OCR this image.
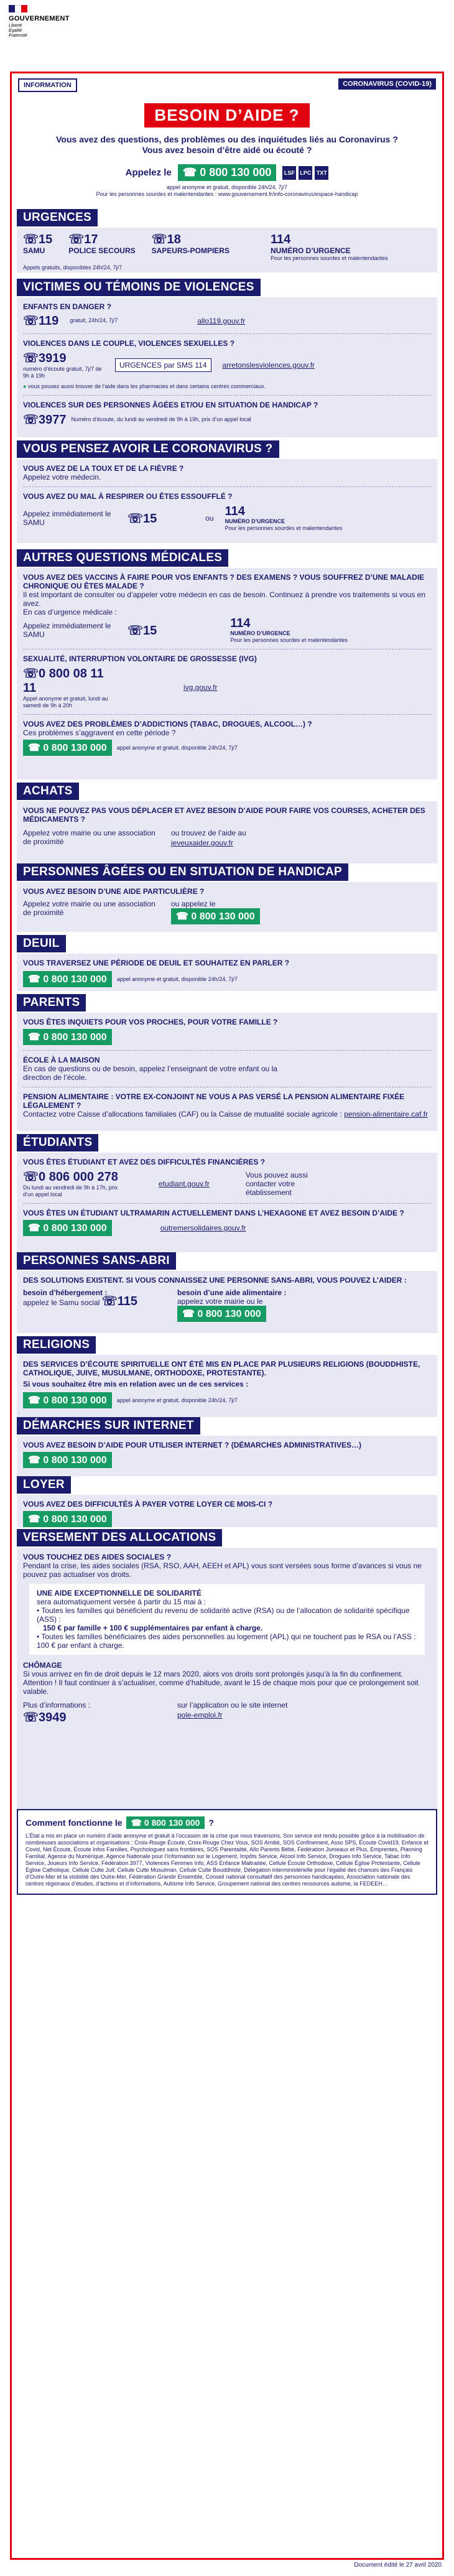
GOUVERNEMENT
Liberté
Égalité
Fraternité
INFORMATION	CORONAVIRUS (COVID-19)
BESOIN D’AIDE ?
Vous avez des questions, des problèmes ou des inquiétudes liés au Coronavirus ? Vous avez besoin d’être aidé ou écouté ?
Appelez le	☎ 0 800 130 000	LSF LPC TXT
appel anonyme et gratuit, disponible 24h/24, 7j/7
Pour les personnes sourdes et malentendantes : www.gouvernement.fr/info-coronavirus/espace-handicap
URGENCES
☏15
SAMU
☏17
POLICE SECOURS
☏18
SAPEURS-POMPIERS
114
NUMÉRO D’URGENCE
Pour les personnes sourdes et malentendantes
Appels gratuits, disponibles 24h/24, 7j/7
VICTIMES OU TÉMOINS DE VIOLENCES
ENFANTS EN DANGER ?
☏119 gratuit, 24h/24, 7j/7	allo119.gouv.fr
VIOLENCES DANS LE COUPLE, VIOLENCES SEXUELLES ?
☏3919
numéro d’écoute gratuit, 7j/7 de 9h à 19h
URGENCES par SMS 114	arretonslesviolences.gouv.fr
● vous pouvez aussi trouver de l’aide dans les pharmacies et dans certains centres commerciaux.
VIOLENCES SUR DES PERSONNES ÂGÉES ET/OU EN SITUATION DE HANDICAP ?
☏3977 Numéro d’écoute, du lundi au vendredi de 9h à 19h, prix d’un appel local
VOUS PENSEZ AVOIR LE CORONAVIRUS ?
VOUS AVEZ DE LA TOUX ET DE LA FIÈVRE ?
Appelez votre médecin.
VOUS AVEZ DU MAL À RESPIRER OU ÊTES ESSOUFFLÉ ?
Appelez immédiatement le SAMU	☏15	ou 114
NUMÉRO D’URGENCE
Pour les personnes sourdes et malentendantes
AUTRES QUESTIONS MÉDICALES
VOUS AVEZ DES VACCINS À FAIRE POUR VOS ENFANTS ? DES EXAMENS ? VOUS SOUFFREZ D’UNE MALADIE CHRONIQUE OU ÊTES MALADE ?
Il est important de consulter ou d’appeler votre médecin en cas de besoin. Continuez à prendre vos traitements si vous en avez.
En cas d’urgence médicale :
Appelez immédiatement le SAMU	☏15
114
NUMÉRO D’URGENCE
Pour les personnes sourdes et malentendantes
SEXUALITÉ, INTERRUPTION VOLONTAIRE DE GROSSESSE (IVG)
☏0 800 08 11 11
Appel anonyme et gratuit, lundi au samedi de 9h à 20h
ivg.gouv.fr
VOUS AVEZ DES PROBLÈMES D’ADDICTIONS (TABAC, DROGUES, ALCOOL…) ?
Ces problèmes s’aggravent en cette période ?
☎ 0 800 130 000	appel anonyme et gratuit, disponible 24h/24, 7j/7
ACHATS
VOUS NE POUVEZ PAS VOUS DÉPLACER ET AVEZ BESOIN D’AIDE POUR FAIRE VOS COURSES, ACHETER DES MÉDICAMENTS ?
Appelez votre mairie ou une association de proximité
ou trouvez de l’aide au
jeveuxaider.gouv.fr
PERSONNES ÂGÉES OU EN SITUATION DE HANDICAP
VOUS AVEZ BESOIN D’UNE AIDE PARTICULIÈRE ?
Appelez votre mairie ou une association de proximité
ou appelez le
☎ 0 800 130 000
DEUIL
VOUS TRAVERSEZ UNE PÉRIODE DE DEUIL ET SOUHAITEZ EN PARLER ?
☎ 0 800 130 000	appel anonyme et gratuit, disponible 24h/24, 7j/7
PARENTS
VOUS ÊTES INQUIETS POUR VOS PROCHES, POUR VOTRE FAMILLE ?
☎ 0 800 130 000
ÉCOLE À LA MAISON
En cas de questions ou de besoin, appelez l’enseignant de votre enfant ou la direction de l’école.
PENSION ALIMENTAIRE : VOTRE EX-CONJOINT NE VOUS A PAS VERSÉ LA PENSION ALIMENTAIRE FIXÉE LÉGALEMENT ?
Contactez votre Caisse d’allocations familiales (CAF) ou la Caisse de mutualité sociale agricole : pension-alimentaire.caf.fr
ÉTUDIANTS
VOUS ÊTES ÉTUDIANT ET AVEZ DES DIFFICULTÉS FINANCIÈRES ?
☏0 806 000 278
Du lundi au vendredi de 9h à 17h, prix d’un appel local
etudiant.gouv.fr
Vous pouvez aussi contacter votre établissement
VOUS ÊTES UN ÉTUDIANT ULTRAMARIN ACTUELLEMENT DANS L’HEXAGONE ET AVEZ BESOIN D’AIDE ?
☎ 0 800 130 000	outremersolidaires.gouv.fr
PERSONNES SANS-ABRI
DES SOLUTIONS EXISTENT. SI VOUS CONNAISSEZ UNE PERSONNE SANS-ABRI, VOUS POUVEZ L’AIDER :
besoin d’hébergement :
appelez le Samu social ☏115
besoin d’une aide alimentaire :
appelez votre mairie ou le
☎ 0 800 130 000
RELIGIONS
DES SERVICES D’ÉCOUTE SPIRITUELLE ONT ÉTÉ MIS EN PLACE PAR PLUSIEURS RELIGIONS (BOUDDHISTE, CATHOLIQUE, JUIVE, MUSULMANE, ORTHODOXE, PROTESTANTE).
Si vous souhaitez être mis en relation avec un de ces services :
☎ 0 800 130 000	appel anonyme et gratuit, disponible 24h/24, 7j/7
DÉMARCHES SUR INTERNET
VOUS AVEZ BESOIN D’AIDE POUR UTILISER INTERNET ? (DÉMARCHES ADMINISTRATIVES…)
☎ 0 800 130 000
LOYER
VOUS AVEZ DES DIFFICULTÉS À PAYER VOTRE LOYER CE MOIS-CI ?
☎ 0 800 130 000
VERSEMENT DES ALLOCATIONS
VOUS TOUCHEZ DES AIDES SOCIALES ?
Pendant la crise, les aides sociales (RSA, RSO, AAH, AEEH et APL) vous sont versées sous forme d’avances si vous ne pouvez pas actualiser vos droits.
UNE AIDE EXCEPTIONNELLE DE SOLIDARITÉ
sera automatiquement versée à partir du 15 mai à :
• Toutes les familles qui bénéficient du revenu de solidarité active (RSA) ou de l’allocation de solidarité spécifique (ASS) :
150 € par famille + 100 € supplémentaires par enfant à charge.
• Toutes les familles bénéficiaires des aides personnelles au logement (APL) qui ne touchent pas le RSA ou l’ASS : 100 € par enfant à charge.
CHÔMAGE
Si vous arrivez en fin de droit depuis le 12 mars 2020, alors vos droits sont prolongés jusqu’à la fin du confinement. Attention ! Il faut continuer à s’actualiser, comme d’habitude, avant le 15 de chaque mois pour que ce prolongement soit valable.
Plus d’informations :
☏3949
sur l’application ou le site internet
pole-emploi.fr
Comment fonctionne le	☎ 0 800 130 000	?
L’État a mis en place un numéro d’aide anonyme et gratuit à l’occasion de la crise que nous traversons. Son service est rendu possible grâce à la mobilisation de nombreuses associations et organisations : Croix-Rouge Écoute, Croix-Rouge Chez Vous, SOS Amitié, SOS Confinement, Asso SPS, Écoute Covid19, Enfance et Covid, Net Écoute, Écoute Infos Familles, Psychologues sans frontières, SOS Parentalité, Allo Parents Bébé, Fédération Jumeaux et Plus, Emprentes, Planning Familial, Agence du Numérique, Agence Nationale pour l’Information sur le Logement, Impôts Service, Alcool Info Service, Drogues Info Service, Tabac Info Service, Joueurs Info Service, Fédération 3977, Violences Femmes Info, ASS Enfance Maltraitée, Cellule Écoute Orthodoxe, Cellule Église Protestante, Cellule Église Catholique, Cellule Culte Juif, Cellule Culte Musulman, Cellule Culte Bouddhiste, Délégation interministérielle pour l’égalité des chances des Français d’Outre-Mer et la visibilité des Outre-Mer, Fédération Grandir Ensemble, Conseil national consultatif des personnes handicapées, Association nationale des centres régionaux d’études, d’actions et d’informations, Autisme Info Service, Groupement national des centres ressources autisme, la FEDEEH…
Document édité le 27 avril 2020
